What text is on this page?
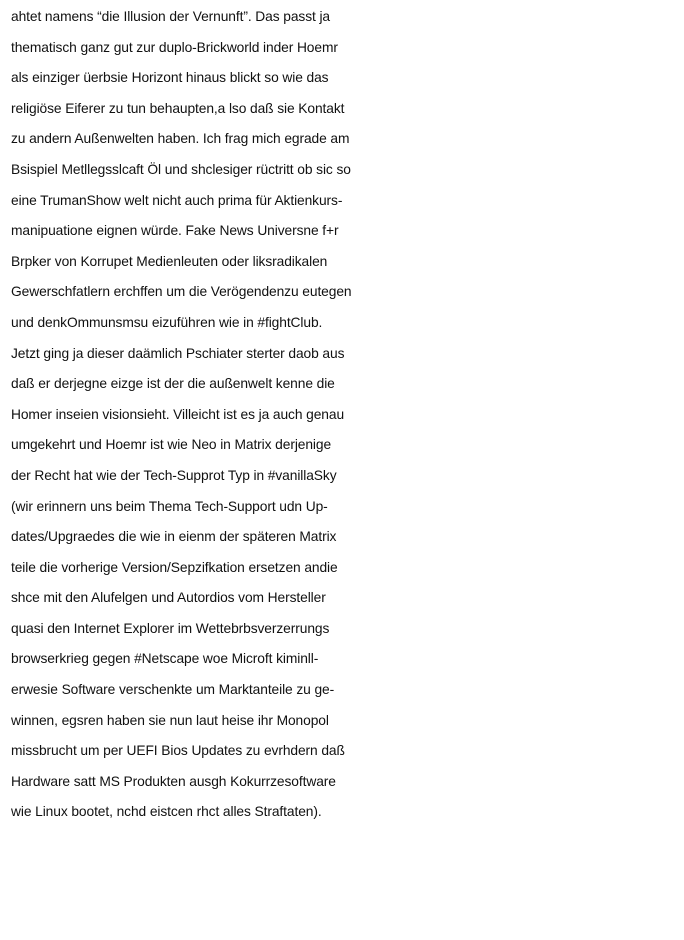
ahtet namens “die Illusion der Vernunft”. Das passt ja
thematisch ganz gut zur duplo-Brickworld inder Hoemr
als einziger üerbsie Horizont hinaus blickt so wie das
religiöse Eiferer zu tun behaupten,a lso daß sie Kontakt
zu andern Außenwelten haben. Ich frag mich egrade am
Bsispiel Metllegsslcaft Öl und shclesiger rüctritt ob sic so
eine TrumanShow welt nicht auch prima für Aktienkurs-
manipuatione eignen würde. Fake News Universne f+r
Brpker von Korrupet Medienleuten oder liksradikalen
Gewerschfatlern erchffen um die Verögendenzu eutegen
und denkOmmunsmsu eizuführen wie in #fightClub.
Jetzt ging ja dieser daämlich Pschiater sterter daob aus
daß er derjegne eizge ist der die außenwelt kenne die
Homer inseien visionsieht. Villeicht ist es ja auch genau
umgekehrt und Hoemr ist wie Neo in Matrix derjenige
der Recht hat wie der Tech-Supprot Typ in #vanillaSky
(wir erinnern uns beim Thema Tech-Support udn Up-
dates/Upgraedes die wie in eienm der späteren Matrix
teile die vorherige Version/Sepzifkation ersetzen andie
shce mit den Alufelgen und Autordios vom Hersteller
quasi den Internet Explorer im Wettebrbsverzerrungs
browserkrieg gegen #Netscape woe Microft kiminll-
erwesie Software verschenkte um Marktanteile zu ge-
winnen, egsren haben sie nun laut heise ihr Monopol
missbrucht um per UEFI Bios Updates zu evrhdern daß
Hardware satt MS Produkten ausgh Kokurrzesoftware
wie Linux bootet, nchd eistcen rhct alles Straftaten).
